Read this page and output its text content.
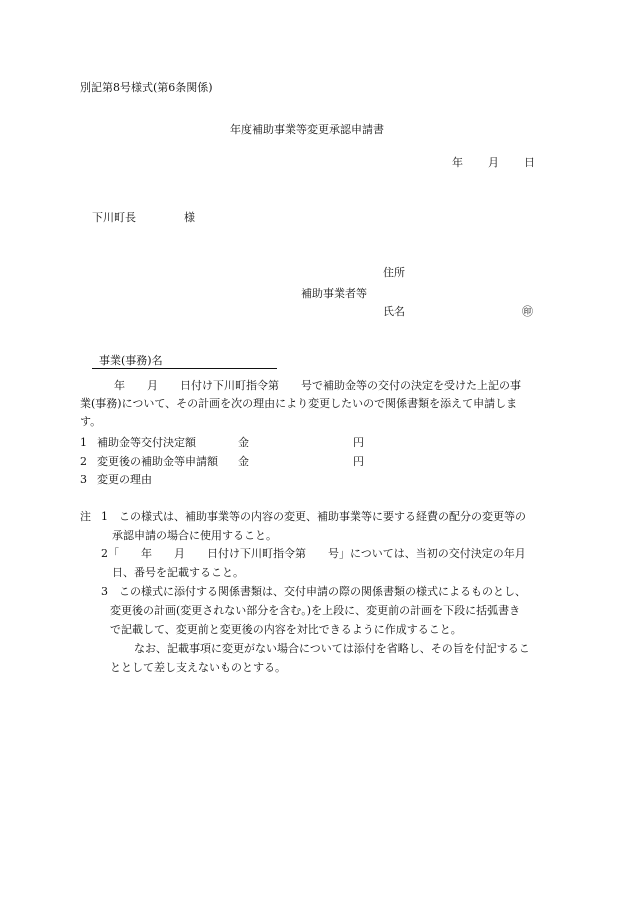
別記第8号様式(第6条関係)
年度補助事業等変更承認申請書
年 月 日
下川町長	様
住所
補助事業者等
氏名	㊞

事業(事務)名

　　年　　月　　日付け下川町指令第　　号で補助金等の交付の決定を受けた上記の事
業(事務)について、その計画を次の理由により変更したいので関係書類を添えて申請しま
す。
1 補助金等交付決定額	金	円
2 変更後の補助金等申請額 金	円
3 変更の理由
注 1　この様式は、補助事業等の内容の変更、補助事業等に要する経費の配分の変更等の
承認申請の場合に使用すること。
2「　　年　　月　　日付け下川町指令第　　号」については、当初の交付決定の年月
日、番号を記載すること。
3　この様式に添付する関係書類は、交付申請の際の関係書類の様式によるものとし、
変更後の計画(変更されない部分を含む。)を上段に、変更前の計画を下段に括弧書き
で記載して、変更前と変更後の内容を対比できるように作成すること。
なお、記載事項に変更がない場合については添付を省略し、その旨を付記するこ
ととして差し支えないものとする。
